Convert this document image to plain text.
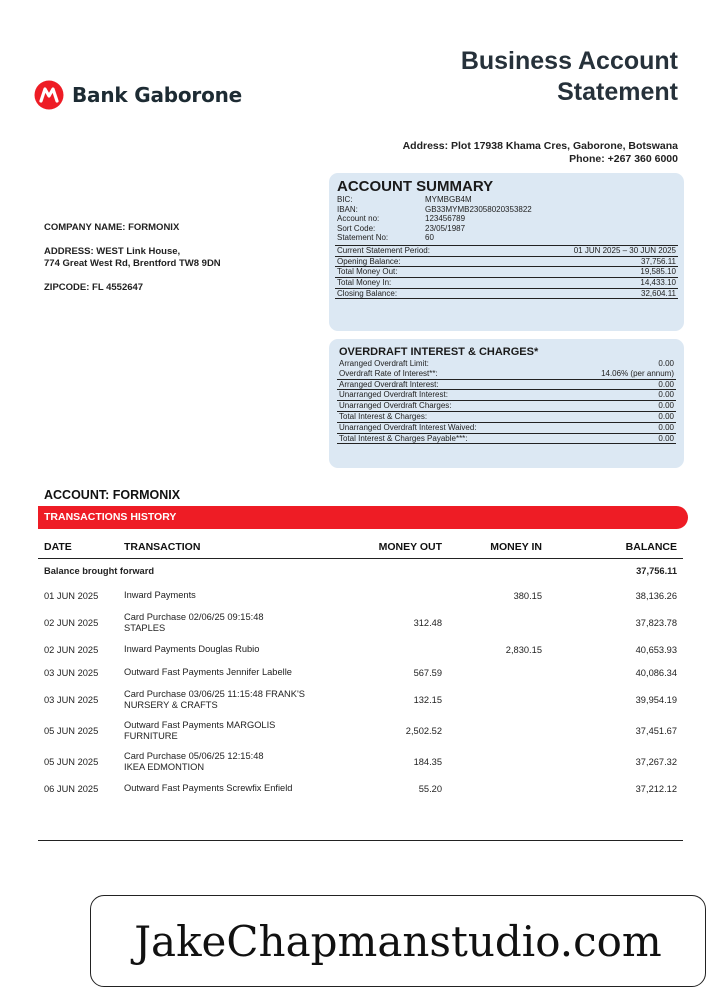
Bank Gaborone
Business Account
Statement
Address: Plot 17938 Khama Cres, Gaborone, Botswana
Phone: +267 360 6000
COMPANY NAME: FORMONIX
ADDRESS: WEST Link House,
774 Great West Rd, Brentford TW8 9DN
ZIPCODE: FL 4552647
ACCOUNT SUMMARY
BIC:	MYMBGB4M
IBAN:	GB33MYMB23058020353822
Account no:	123456789
Sort Code:	23/05/1987
Statement No:	60
Current Statement Period:	01 JUN 2025 – 30 JUN 2025
Opening Balance:	37,756.11
Total Money Out:	19,585.10
Total Money In:	14,433.10
Closing Balance:	32,604.11
OVERDRAFT INTEREST & CHARGES*
Arranged Overdraft Limit:	0.00
Overdraft Rate of Interest**:	14.06% (per annum)
Arranged Overdraft Interest:	0.00
Unarranged Overdraft Interest:	0.00
Unarranged Overdraft Charges:	0.00
Total Interest & Charges:	0.00
Unarranged Overdraft Interest Waived:	0.00
Total Interest & Charges Payable***:	0.00
ACCOUNT: FORMONIX
TRANSACTIONS HISTORY
DATE	TRANSACTION	MONEY OUT	MONEY IN	BALANCE
Balance brought forward				37,756.11
01 JUN 2025	Inward Payments		380.15	38,136.26
02 JUN 2025	Card Purchase 02/06/25 09:15:48
STAPLES	312.48		37,823.78
02 JUN 2025	Inward Payments Douglas Rubio		2,830.15	40,653.93
03 JUN 2025	Outward Fast Payments Jennifer Labelle	567.59		40,086.34
03 JUN 2025	Card Purchase 03/06/25 11:15:48 FRANK'S
NURSERY & CRAFTS	132.15		39,954.19
05 JUN 2025	Outward Fast Payments MARGOLIS
FURNITURE	2,502.52		37,451.67
05 JUN 2025	Card Purchase 05/06/25 12:15:48
IKEA EDMONTION	184.35		37,267.32
06 JUN 2025	Outward Fast Payments Screwfix Enfield	55.20		37,212.12
JakeChapmanstudio.com
